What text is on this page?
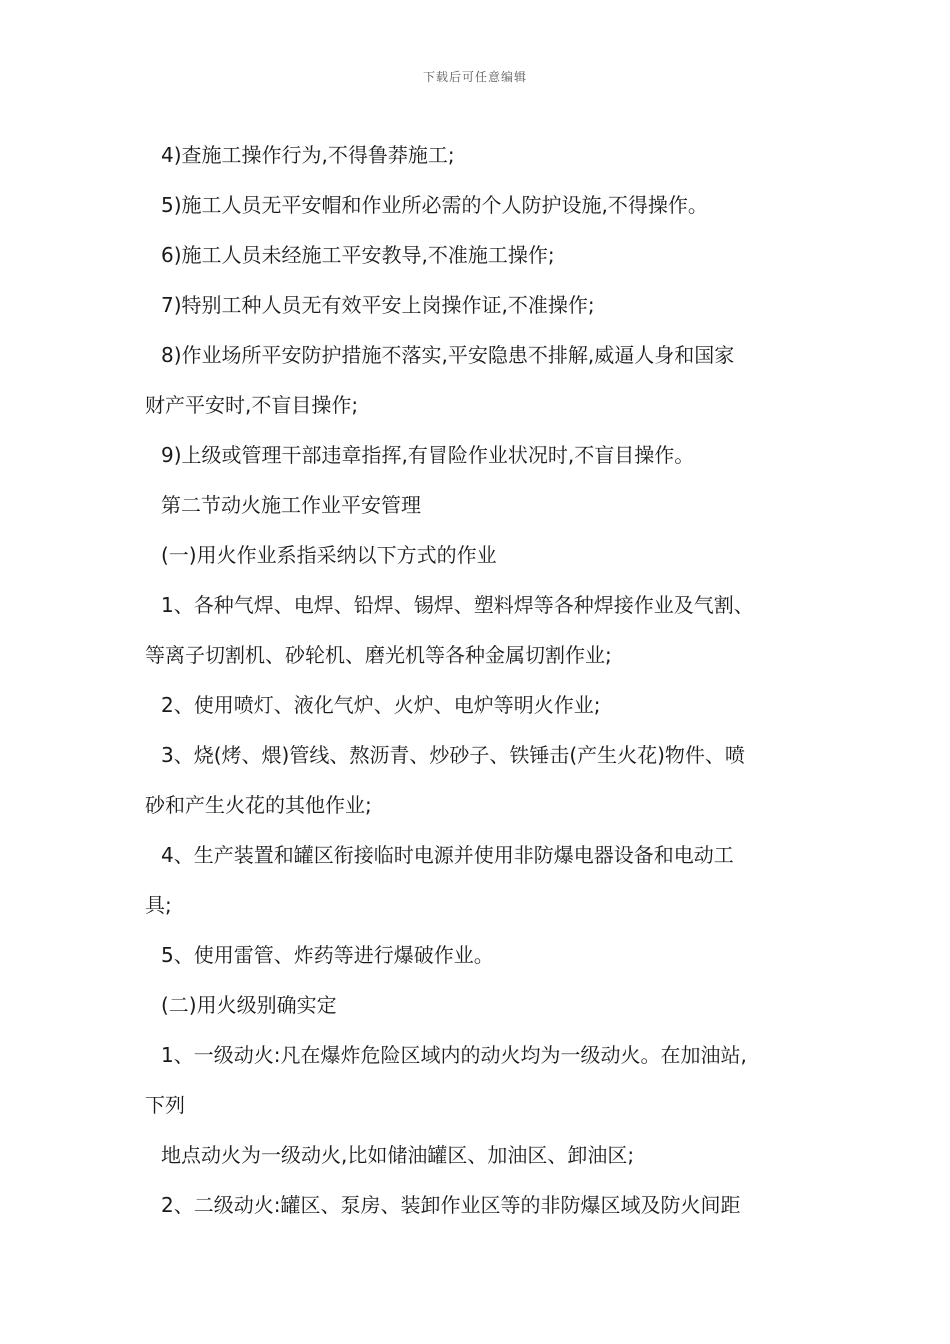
下载后可任意编辑
4)查施工操作行为,不得鲁莽施工;
5)施工人员无平安帽和作业所必需的个人防护设施,不得操作。
6)施工人员未经施工平安教导,不准施工操作;
7)特别工种人员无有效平安上岗操作证,不准操作;
8)作业场所平安防护措施不落实,平安隐患不排解,威逼人身和国家
财产平安时,不盲目操作;
9)上级或管理干部违章指挥,有冒险作业状况时,不盲目操作。
第二节动火施工作业平安管理
(一)用火作业系指采纳以下方式的作业
1、各种气焊、电焊、铅焊、锡焊、塑料焊等各种焊接作业及气割、
等离子切割机、砂轮机、磨光机等各种金属切割作业;
2、使用喷灯、液化气炉、火炉、电炉等明火作业;
3、烧(烤、煨)管线、熬沥青、炒砂子、铁锤击(产生火花)物件、喷
砂和产生火花的其他作业;
4、生产装置和罐区衔接临时电源并使用非防爆电器设备和电动工
具;
5、使用雷管、炸药等进行爆破作业。
(二)用火级别确实定
1、一级动火:凡在爆炸危险区域内的动火均为一级动火。在加油站,
下列
地点动火为一级动火,比如储油罐区、加油区、卸油区;
2、二级动火:罐区、泵房、装卸作业区等的非防爆区域及防火间距
